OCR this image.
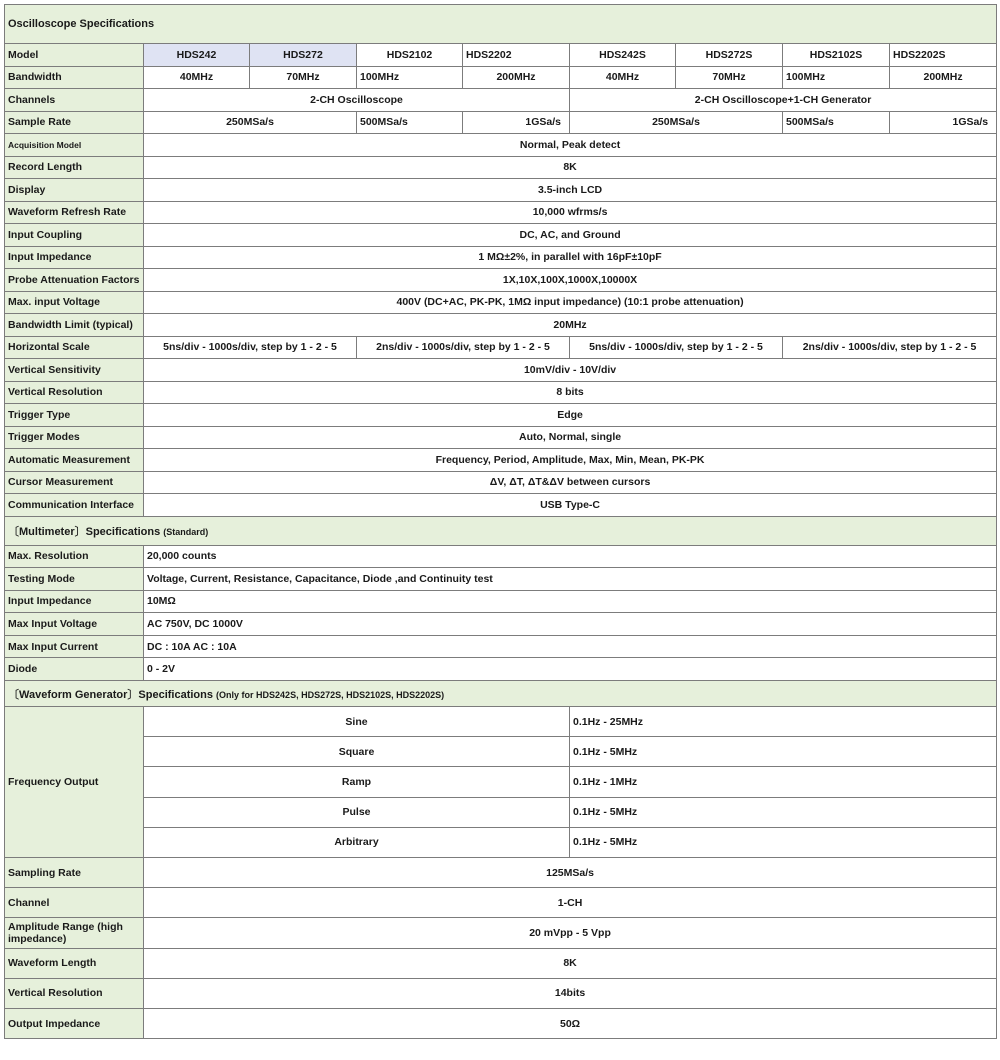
Oscilloscope Specifications								
Model	HDS242	HDS272	HDS2102	HDS2202	HDS242S	HDS272S	HDS2102S	HDS2202S
Bandwidth	40MHz	70MHz	100MHz	200MHz	40MHz	70MHz	100MHz	200MHz
Channels	2-CH Oscilloscope				2-CH Oscilloscope+1-CH Generator			
Sample Rate	250MSa/s		500MSa/s	1GSa/s	250MSa/s		500MSa/s	1GSa/s
Acquisition Model	Normal, Peak detect							
Record Length	8K							
Display	3.5-inch LCD							
Waveform Refresh Rate	10,000 wfrms/s							
Input Coupling	DC, AC, and Ground							
Input Impedance	1 MΩ±2%, in parallel with 16pF±10pF							
Probe Attenuation Factors	1X,10X,100X,1000X,10000X							
Max. input Voltage	400V (DC+AC, PK-PK, 1MΩ input impedance) (10:1 probe attenuation)							
Bandwidth Limit (typical)	20MHz							
Horizontal Scale	5ns/div - 1000s/div, step by 1 - 2 - 5		2ns/div - 1000s/div, step by 1 - 2 - 5		5ns/div - 1000s/div, step by 1 - 2 - 5		2ns/div - 1000s/div, step by 1 - 2 - 5	
Vertical Sensitivity	10mV/div - 10V/div							
Vertical Resolution	8 bits							
Trigger Type	Edge							
Trigger Modes	Auto, Normal, single							
Automatic Measurement	Frequency, Period, Amplitude, Max, Min, Mean, PK-PK							
Cursor Measurement	ΔV, ΔT, ΔT&ΔV between cursors							
Communication Interface	USB Type-C							
〔Multimeter〕Specifications (Standard)								
Max. Resolution	20,000 counts							
Testing Mode	Voltage, Current, Resistance, Capacitance, Diode ,and Continuity test							
Input Impedance	10MΩ							
Max Input Voltage	AC 750V, DC 1000V							
Max Input Current	DC : 10A AC : 10A							
Diode	0 - 2V							
〔Waveform Generator〕Specifications (Only for HDS242S, HDS272S, HDS2102S, HDS2202S)								
Frequency Output	Sine				0.1Hz - 25MHz			
	Square				0.1Hz - 5MHz			
	Ramp				0.1Hz - 1MHz			
	Pulse				0.1Hz - 5MHz			
	Arbitrary				0.1Hz - 5MHz			
Sampling Rate	125MSa/s							
Channel	1-CH							
Amplitude Range (high impedance)	20 mVpp - 5 Vpp							
Waveform Length	8K							
Vertical Resolution	14bits							
Output Impedance	50Ω							
